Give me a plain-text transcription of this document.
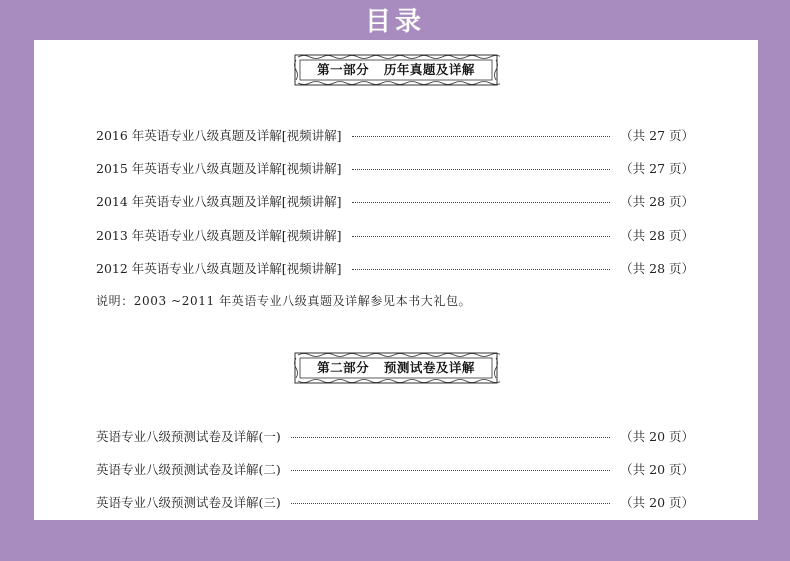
目录
第一部分 历年真题及详解
2016 年英语专业八级真题及详解[视频讲解]	（共 27 页）
2015 年英语专业八级真题及详解[视频讲解]	（共 27 页）
2014 年英语专业八级真题及详解[视频讲解]	（共 28 页）
2013 年英语专业八级真题及详解[视频讲解]	（共 28 页）
2012 年英语专业八级真题及详解[视频讲解]	（共 28 页）
说明：2003 ~2011 年英语专业八级真题及详解参见本书大礼包。
第二部分 预测试卷及详解
英语专业八级预测试卷及详解(一)	（共 20 页）
英语专业八级预测试卷及详解(二)	（共 20 页）
英语专业八级预测试卷及详解(三)	（共 20 页）
